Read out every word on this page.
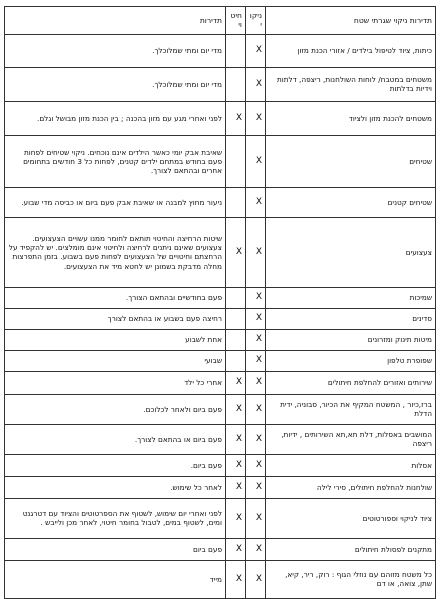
תדירות ניקוי שגרתי שטח	ניקוי	חיטוי	תדירות
כיתות, ציוד לטיפול בילדים / אזורי הכנת מזון	X		מדי יום ומתי שמלוכלך.
משטחים במטבח/ לוחות השולחנות, ריצפה, דלתות וידיות בדלתות	X		מדי יום ומתי שמלוכלך.
משטחים להכנת מזון ולציוד	X	X	לפני ואחרי מגע עם מזון בהכנה ; בין הכנת מזון מבושל וגלם.
שטיחים	X		שאיבת אבק יומי כאשר הילדים אינם נוכחים. ניקוי שטיחים לפחות פעם בחודש במתחם ילדים קטנים, לפחות כל 3 חודשים בתחומים אחרים ובהתאם לצורך.
שטיחים קטנים	X		ניעור מחוץ למבנה או שאיבת אבק פעם ביום או כביסה מדי שבוע.
צעצועים	X	X	שיטות הרחיצה והחיטוי תותאם לחומר ממנו עשויים הצעצועים. צעצועים שאינם ניתנים לרחיצה ולחיטוי אינם מומלצים. יש להקפיד על הרחצתם וחיטויים של הצעצועים לפחות פעם בשבוע. בזמן התפרצות מחלה מדבקת בשמונן יש לחטא מיד את הצעצועים.
שמיכות	X		פעם בחודשיים ובהתאם הצורך.
סדינים	X		רחיצה פעם בשבוע או בהתאם לצורך
מיטות תינוק ומזרונים	X		אחת לשבוע
שפופרת טלפון	X		שבועי
שירותים ואזורים להחלפת חיתולים	X	X	אחרי כל ילד
ברז,כיור , המשטח המקיף את הכיור, סבוניה, ידית הדלת	X	X	פעם ביום ולאחר לכלוכם.
המושבים באסלות, דלת תא,תא השירותים , ידיות, ריצפה	X	X	פעם ביום או בהתאם לצורך.
אסלות	X	X	פעם ביום.
שולחנות להחלפת חיתולים, סירי לילה	X	X	לאחר כל שימוש.
ציוד לניקוי וספורטוטים	X	X	לפני ואחרי יום שימוש, לשטוף את הספרטוטים והציוד עם דטרגנט ומים, לשטוף במים, לטבול בחומר חיטוי, לאחר מכן ולייבש .
מתקנים לפסולת חיתולים	X	X	פעם ביום
כל משטח מזוהם עם נוזלי הגוף : רוק, ריר, קיא, שתן, צואה, או דם	X	X	מייד
